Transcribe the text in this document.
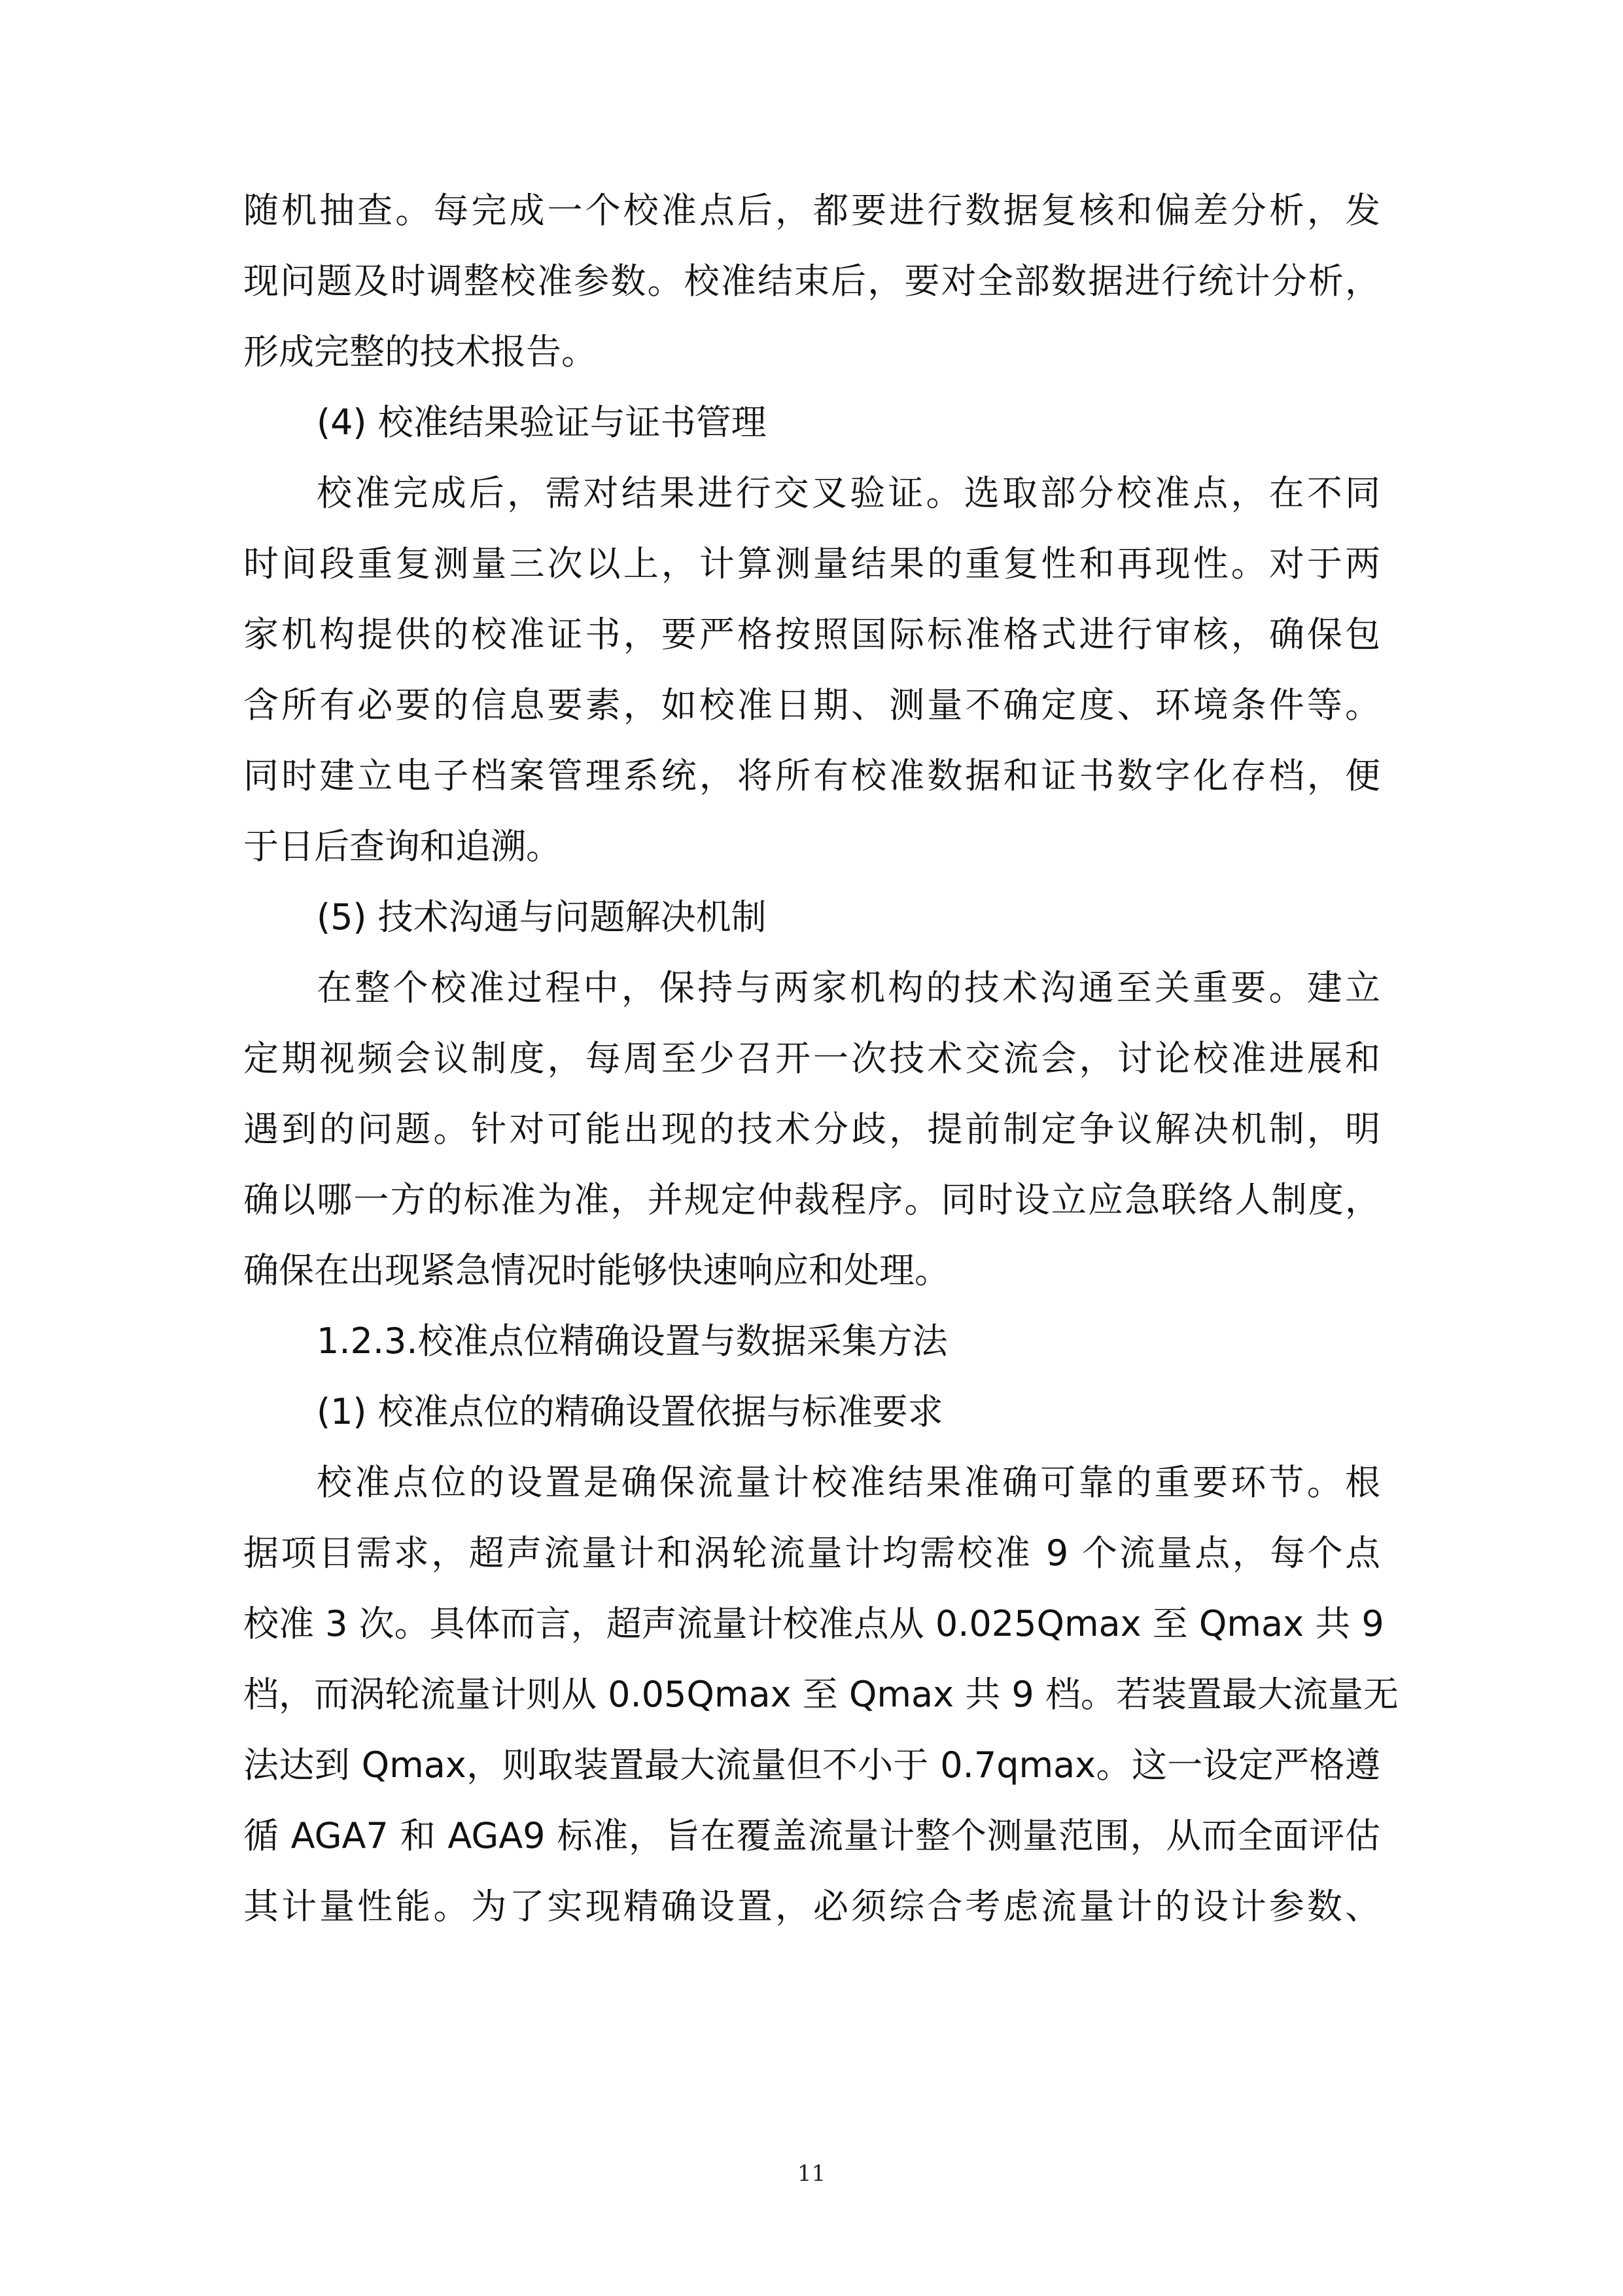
随机抽查。每完成一个校准点后，都要进行数据复核和偏差分析，发
现问题及时调整校准参数。校准结束后，要对全部数据进行统计分析，
形成完整的技术报告。
(4) 校准结果验证与证书管理
校准完成后，需对结果进行交叉验证。选取部分校准点，在不同
时间段重复测量三次以上，计算测量结果的重复性和再现性。对于两
家机构提供的校准证书，要严格按照国际标准格式进行审核，确保包
含所有必要的信息要素，如校准日期、测量不确定度、环境条件等。
同时建立电子档案管理系统，将所有校准数据和证书数字化存档，便
于日后查询和追溯。
(5) 技术沟通与问题解决机制
在整个校准过程中，保持与两家机构的技术沟通至关重要。建立
定期视频会议制度，每周至少召开一次技术交流会，讨论校准进展和
遇到的问题。针对可能出现的技术分歧，提前制定争议解决机制，明
确以哪一方的标准为准，并规定仲裁程序。同时设立应急联络人制度，
确保在出现紧急情况时能够快速响应和处理。
1.2.3.校准点位精确设置与数据采集方法
(1) 校准点位的精确设置依据与标准要求
校准点位的设置是确保流量计校准结果准确可靠的重要环节。根
据项目需求，超声流量计和涡轮流量计均需校准 9 个流量点，每个点
校准 3 次。具体而言，超声流量计校准点从 0.025Qmax 至 Qmax 共 9
档，而涡轮流量计则从 0.05Qmax 至 Qmax 共 9 档。若装置最大流量无
法达到 Qmax，则取装置最大流量但不小于 0.7qmax。这一设定严格遵
循 AGA7 和 AGA9 标准，旨在覆盖流量计整个测量范围，从而全面评估
其计量性能。为了实现精确设置，必须综合考虑流量计的设计参数、
11
